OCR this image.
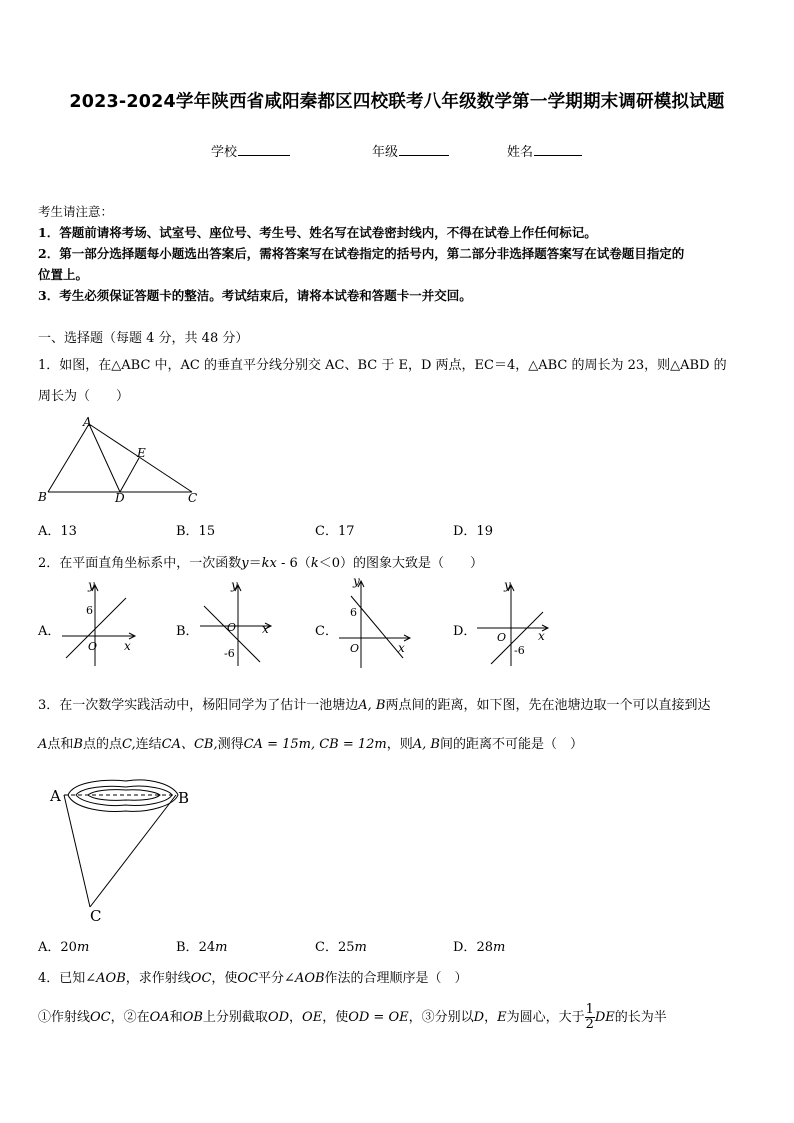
2023-2024学年陕西省咸阳秦都区四校联考八年级数学第一学期期末调研模拟试题
学校	年级	姓名
考生请注意：
1．答题前请将考场、试室号、座位号、考生号、姓名写在试卷密封线内，不得在试卷上作任何标记。
2．第一部分选择题每小题选出答案后，需将答案写在试卷指定的括号内，第二部分非选择题答案写在试卷题目指定的
位置上。
3．考生必须保证答题卡的整洁。考试结束后，请将本试卷和答题卡一并交回。
一、选择题（每题 4 分，共 48 分）
1．如图，在△ABC 中，AC 的垂直平分线分别交 AC、BC 于 E，D 两点，EC＝4，△ABC 的周长为 23，则△ABD 的
周长为（　　）
A
E
B	D	C
A．13	B．15	C．17	D．19
2．在平面直角坐标系中，一次函数y＝kx - 6（k＜0）的图象大致是（　　）
A．
y
6
O x
B．
y
O x
-6
C．
y
6
O	x
D．
y
O	x
-6
3．在一次数学实践活动中，杨阳同学为了估计一池塘边A, B两点间的距离，如下图，先在池塘边取一个可以直接到达
A点和B点的点C,连结CA、CB,测得CA = 15m, CB = 12m，则A, B间的距离不可能是（　）
A	B
C
A．20m	B．24m	C．25m	D．28m
4．已知∠AOB，求作射线OC，使OC平分∠AOB作法的合理顺序是（　）
①作射线OC，②在OA和OB上分别截取OD，OE，使OD = OE，③分别以D，E为圆心，大于 $\frac{1}{2}$ DE的长为半
